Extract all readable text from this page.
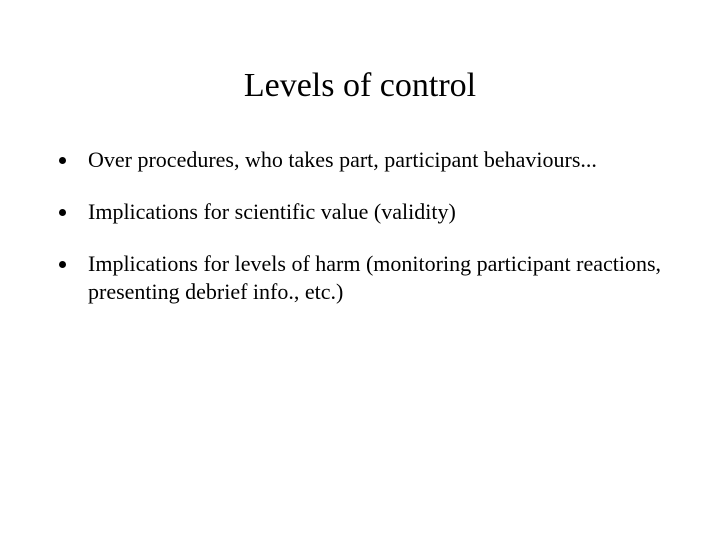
Levels of control
Over procedures, who takes part, participant behaviours...
Implications for scientific value (validity)
Implications for levels of harm (monitoring participant reactions, presenting debrief info., etc.)
